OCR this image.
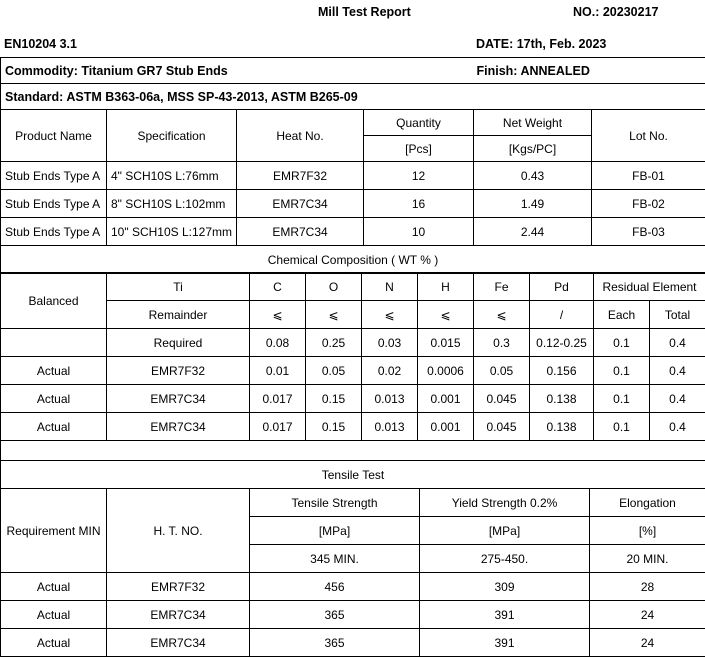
Mill Test Report	NO.: 20230217
EN10204 3.1	DATE: 17th, Feb. 2023
Commodity: Titanium GR7 Stub Ends	Finish: ANNEALED
Standard: ASTM B363-06a, MSS SP-43-2013, ASTM B265-09
Product Name	Specification	Heat No.	Quantity	Net Weight	Lot No.
			[Pcs]	[Kgs/PC]	
Stub Ends Type A	4" SCH10S L:76mm	EMR7F32	12	0.43	FB-01
Stub Ends Type A	8" SCH10S L:102mm	EMR7C34	16	1.49	FB-02
Stub Ends Type A	10" SCH10S L:127mm	EMR7C34	10	2.44	FB-03
Chemical Composition ( WT % )					
Balanced	Ti	C	O	N	H	Fe	Pd	Residual Element	
	Remainder	⩽	⩽	⩽	⩽	⩽	/	Each	Total
	Required	0.08	0.25	0.03	0.015	0.3	0.12-0.25	0.1	0.4
Actual	EMR7F32	0.01	0.05	0.02	0.0006	0.05	0.156	0.1	0.4
Actual	EMR7C34	0.017	0.15	0.013	0.001	0.045	0.138	0.1	0.4
Actual	EMR7C34	0.017	0.15	0.013	0.001	0.045	0.138	0.1	0.4

Tensile Test									
Requirement MIN	H. T. NO.	Tensile Strength	Yield Strength 0.2%	Elongation
		[MPa]	[MPa]	[%]
		345 MIN.	275-450.	20 MIN.
Actual	EMR7F32	456	309	28
Actual	EMR7C34	365	391	24
Actual	EMR7C34	365	391	24
